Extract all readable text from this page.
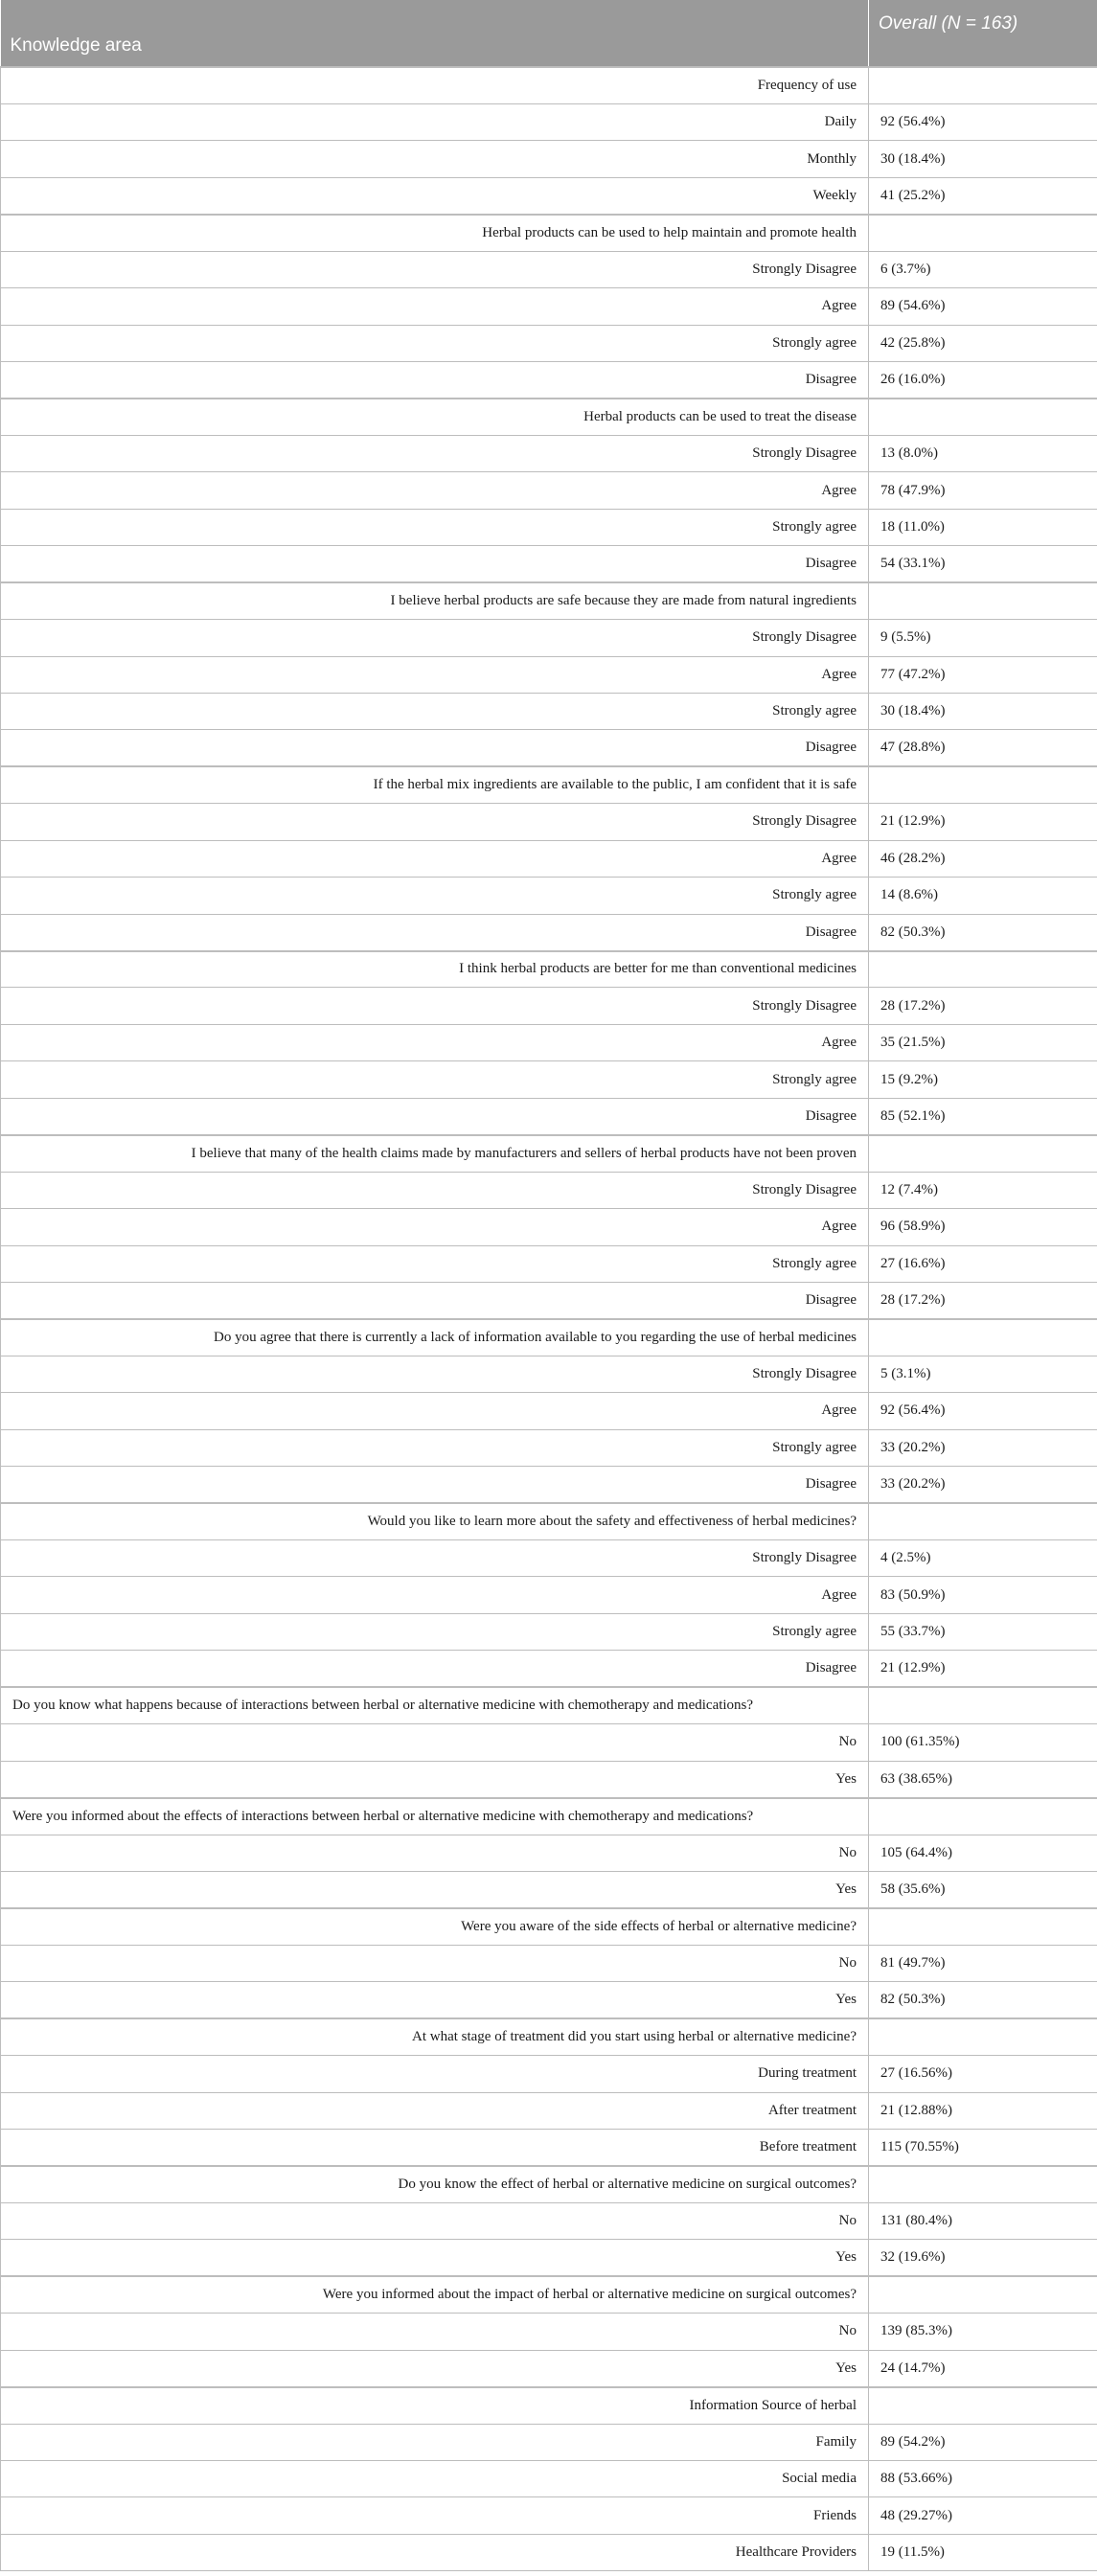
Knowledge area	Overall (N = 163)
Frequency of use	
Daily	92 (56.4%)
Monthly	30 (18.4%)
Weekly	41 (25.2%)
Herbal products can be used to help maintain and promote health	
Strongly Disagree	6 (3.7%)
Agree	89 (54.6%)
Strongly agree	42 (25.8%)
Disagree	26 (16.0%)
Herbal products can be used to treat the disease	
Strongly Disagree	13 (8.0%)
Agree	78 (47.9%)
Strongly agree	18 (11.0%)
Disagree	54 (33.1%)
I believe herbal products are safe because they are made from natural ingredients	
Strongly Disagree	9 (5.5%)
Agree	77 (47.2%)
Strongly agree	30 (18.4%)
Disagree	47 (28.8%)
If the herbal mix ingredients are available to the public, I am confident that it is safe	
Strongly Disagree	21 (12.9%)
Agree	46 (28.2%)
Strongly agree	14 (8.6%)
Disagree	82 (50.3%)
I think herbal products are better for me than conventional medicines	
Strongly Disagree	28 (17.2%)
Agree	35 (21.5%)
Strongly agree	15 (9.2%)
Disagree	85 (52.1%)
I believe that many of the health claims made by manufacturers and sellers of herbal products have not been proven	
Strongly Disagree	12 (7.4%)
Agree	96 (58.9%)
Strongly agree	27 (16.6%)
Disagree	28 (17.2%)
Do you agree that there is currently a lack of information available to you regarding the use of herbal medicines	
Strongly Disagree	5 (3.1%)
Agree	92 (56.4%)
Strongly agree	33 (20.2%)
Disagree	33 (20.2%)
Would you like to learn more about the safety and effectiveness of herbal medicines?	
Strongly Disagree	4 (2.5%)
Agree	83 (50.9%)
Strongly agree	55 (33.7%)
Disagree	21 (12.9%)
Do you know what happens because of interactions between herbal or alternative medicine with chemotherapy and medications?	
No	100 (61.35%)
Yes	63 (38.65%)
Were you informed about the effects of interactions between herbal or alternative medicine with chemotherapy and medications?	
No	105 (64.4%)
Yes	58 (35.6%)
Were you aware of the side effects of herbal or alternative medicine?	
No	81 (49.7%)
Yes	82 (50.3%)
At what stage of treatment did you start using herbal or alternative medicine?	
During treatment	27 (16.56%)
After treatment	21 (12.88%)
Before treatment	115 (70.55%)
Do you know the effect of herbal or alternative medicine on surgical outcomes?	
No	131 (80.4%)
Yes	32 (19.6%)
Were you informed about the impact of herbal or alternative medicine on surgical outcomes?	
No	139 (85.3%)
Yes	24 (14.7%)
Information Source of herbal	
Family	89 (54.2%)
Social media	88 (53.66%)
Friends	48 (29.27%)
Healthcare Providers	19 (11.5%)
